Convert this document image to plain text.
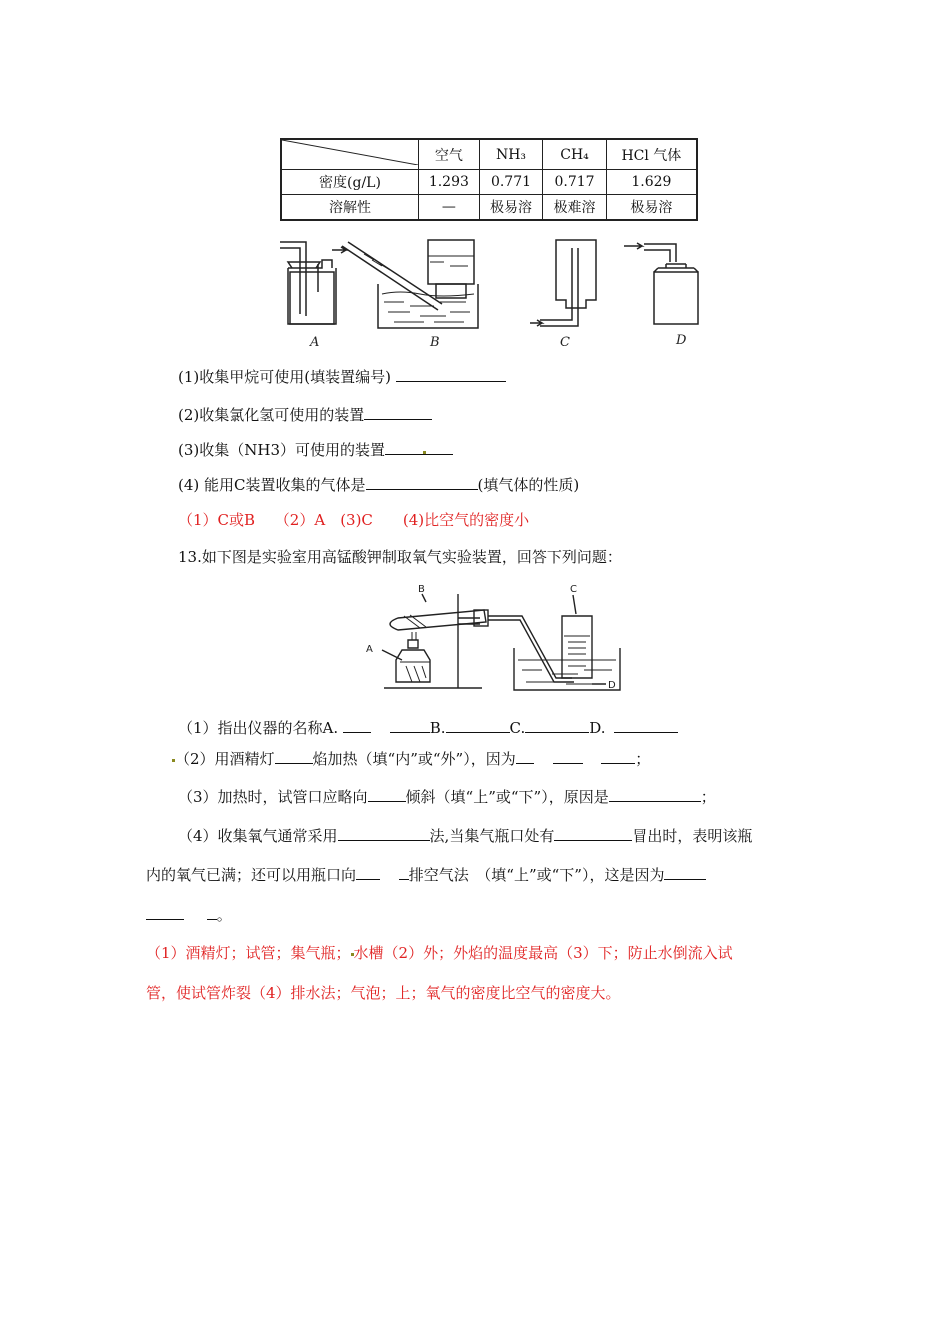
	空气	NH₃	CH₄	HCl 气体
密度(g/L)	1.293	0.771	0.717	1.629
溶解性	—	极易溶	极难溶	极易溶
A	B	C	D
(1)收集甲烷可使用(填装置编号)
(2)收集氯化氢可使用的装置
(3)收集（NH3）可使用的装置
(4) 能用C装置收集的气体是	(填气体的性质)
（1）C或B　 （2）A　(3)C　　(4)比空气的密度小
13.如下图是实验室用高锰酸钾制取氧气实验装置，回答下列问题：
B	C
A
D
（1）指出仪器的名称A.	B.	C.	D.
（2）用酒精灯	焰加热（填“内”或“外”），因为	；
（3）加热时，试管口应略向	倾斜（填“上”或“下”），原因是	；
（4）收集氧气通常采用	法,当集气瓶口处有	冒出时，表明该瓶
内的氧气已满；还可以用瓶口向	排空气法　（填“上”或“下”），这是因为
。
（1）酒精灯；试管；集气瓶； 水槽（2）外；外焰的温度最高（3）下；防止水倒流入试
管，使试管炸裂（4）排水法；气泡；上；氧气的密度比空气的密度大。
